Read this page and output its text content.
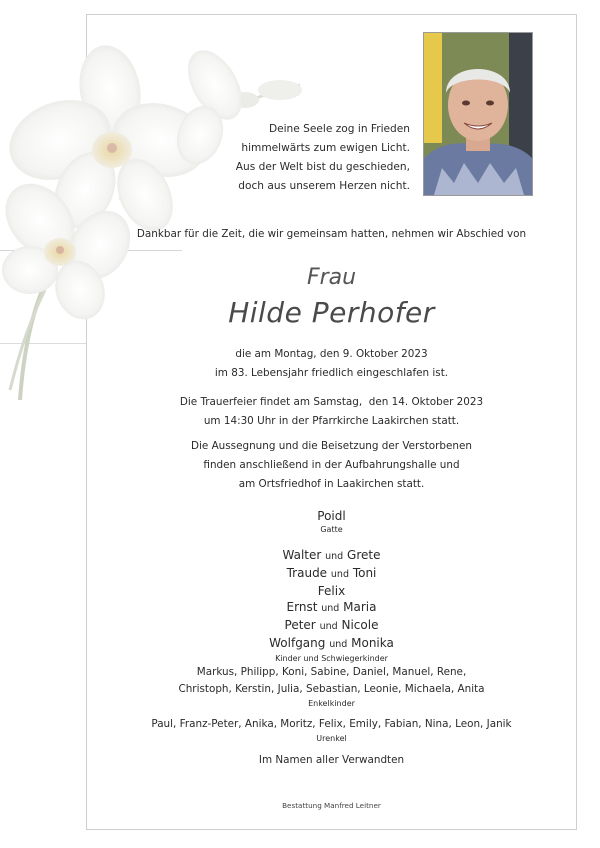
Deine Seele zog in Frieden
himmelwärts zum ewigen Licht.
Aus der Welt bist du geschieden,
doch aus unserem Herzen nicht.
Dankbar für die Zeit, die wir gemeinsam hatten, nehmen wir Abschied von
Frau
Hilde Perhofer
die am Montag, den 9. Oktober 2023
im 83. Lebensjahr friedlich eingeschlafen ist.
Die Trauerfeier findet am Samstag,  den 14. Oktober 2023
um 14:30 Uhr in der Pfarrkirche Laakirchen statt.
Die Aussegnung und die Beisetzung der Verstorbenen
finden anschließend in der Aufbahrungshalle und
am Ortsfriedhof in Laakirchen statt.
Poidl
Gatte
Walter und Grete
Traude und Toni
Felix
Ernst und Maria
Peter und Nicole
Wolfgang und Monika
Kinder und Schwiegerkinder
Markus, Philipp, Koni, Sabine, Daniel, Manuel, Rene,
Christoph, Kerstin, Julia, Sebastian, Leonie, Michaela, Anita
Enkelkinder
Paul, Franz-Peter, Anika, Moritz, Felix, Emily, Fabian, Nina, Leon, Janik
Urenkel
Im Namen aller Verwandten
Bestattung Manfred Leitner
